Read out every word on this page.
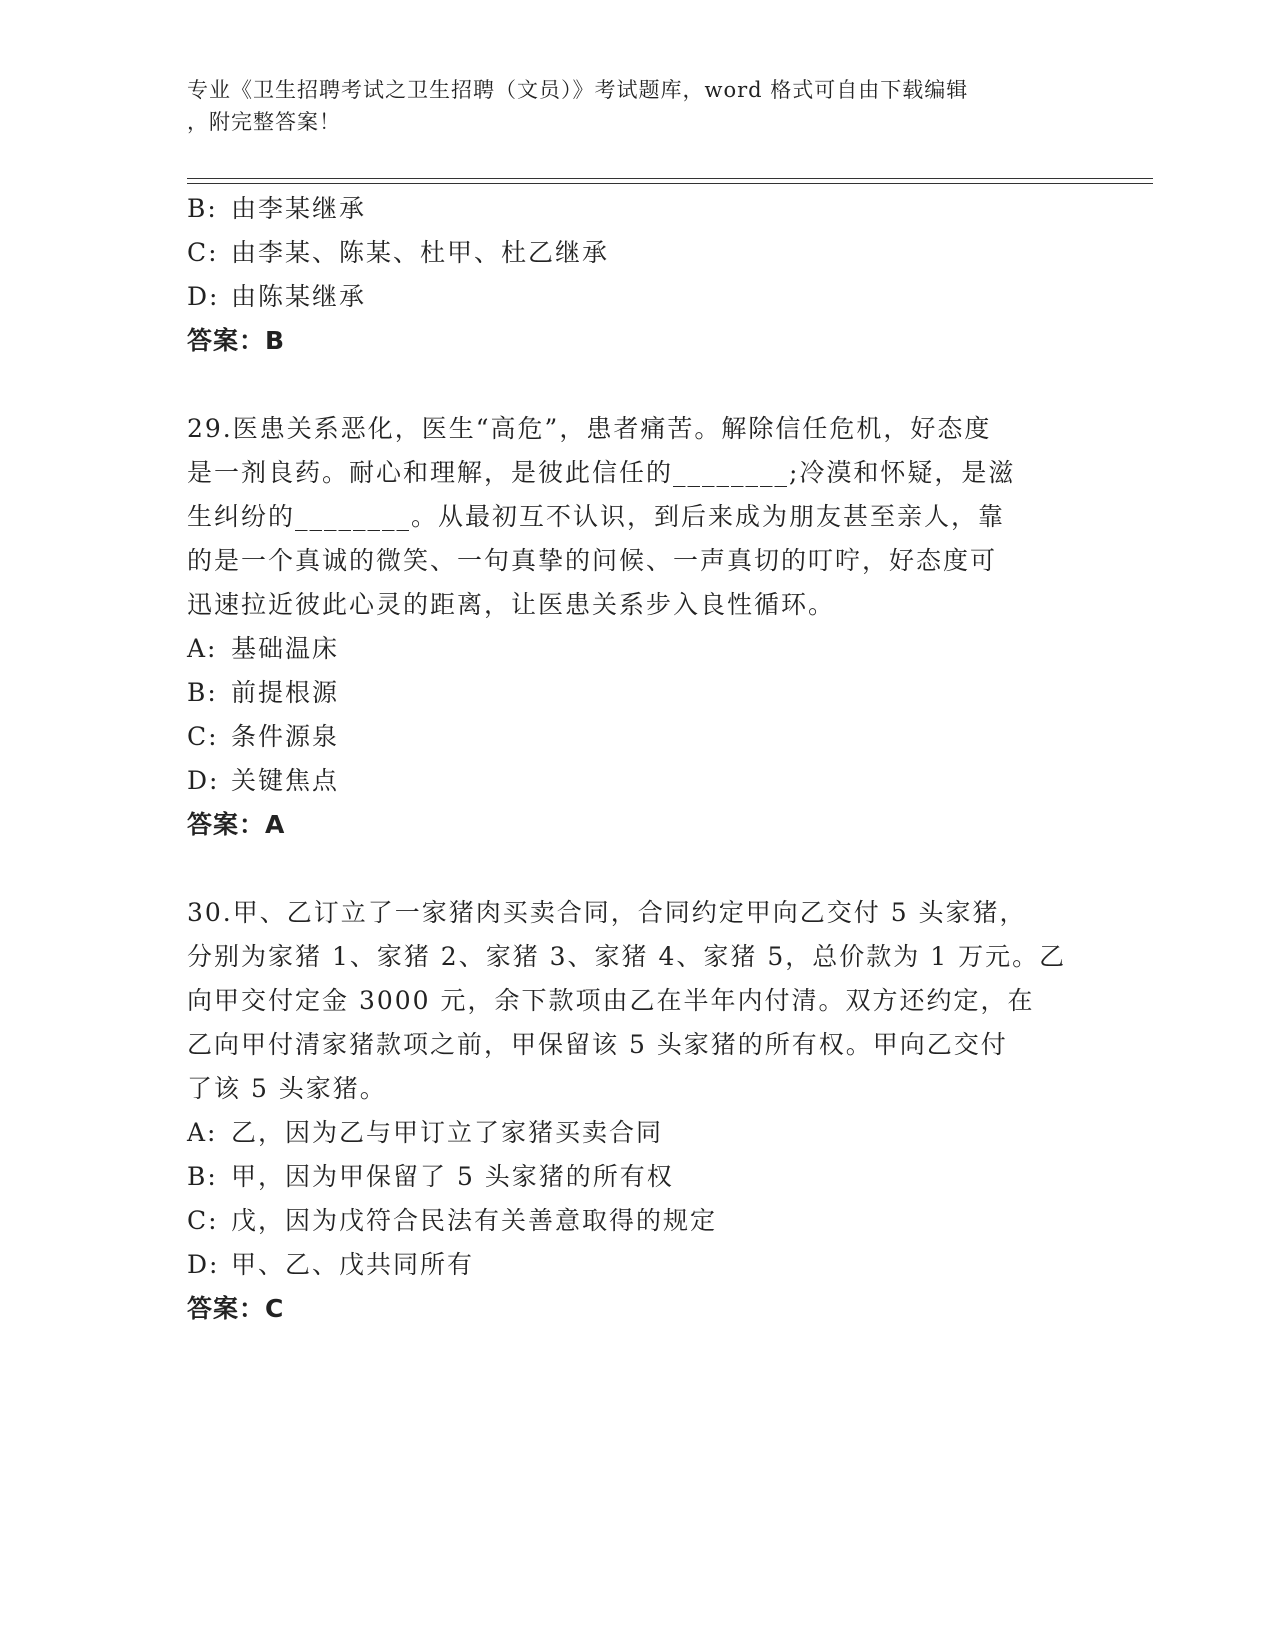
专业《卫生招聘考试之卫生招聘（文员）》考试题库，word 格式可自由下载编辑
，附完整答案！
B: 由李某继承
C: 由李某、陈某、杜甲、杜乙继承
D: 由陈某继承
答案：B
29.医患关系恶化，医生“高危”，患者痛苦。解除信任危机，好态度
是一剂良药。耐心和理解，是彼此信任的________;冷漠和怀疑，是滋
生纠纷的________。从最初互不认识，到后来成为朋友甚至亲人，靠
的是一个真诚的微笑、一句真挚的问候、一声真切的叮咛，好态度可
迅速拉近彼此心灵的距离，让医患关系步入良性循环。
A: 基础温床
B: 前提根源
C: 条件源泉
D: 关键焦点
答案：A
30.甲、乙订立了一家猪肉买卖合同，合同约定甲向乙交付 5 头家猪，
分别为家猪 1、家猪 2、家猪 3、家猪 4、家猪 5，总价款为 1 万元。乙
向甲交付定金 3000 元，余下款项由乙在半年内付清。双方还约定，在
乙向甲付清家猪款项之前，甲保留该 5 头家猪的所有权。甲向乙交付
了该 5 头家猪。
A: 乙，因为乙与甲订立了家猪买卖合同
B: 甲，因为甲保留了 5 头家猪的所有权
C: 戊，因为戊符合民法有关善意取得的规定
D: 甲、乙、戊共同所有
答案：C
